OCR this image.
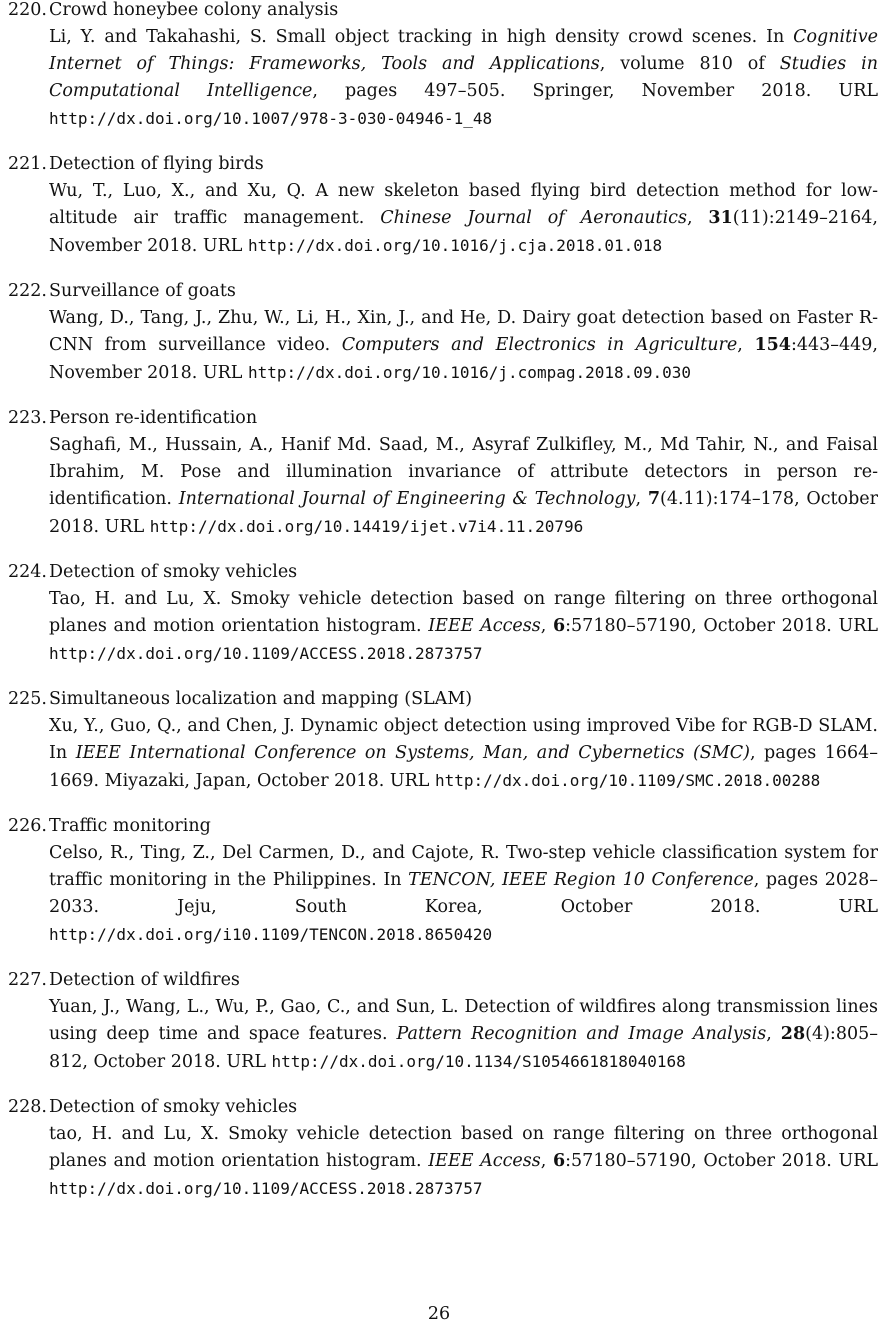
220. Crowd honeybee colony analysis
Li, Y. and Takahashi, S. Small object tracking in high density crowd scenes. In Cognitive Internet of Things: Frameworks, Tools and Applications, volume 810 of Studies in Computational Intelligence, pages 497–505. Springer, November 2018. URL http://dx.doi.org/10.1007/978-3-030-04946-1_48
221. Detection of flying birds
Wu, T., Luo, X., and Xu, Q. A new skeleton based flying bird detection method for low-altitude air traffic management. Chinese Journal of Aeronautics, 31(11):2149–2164, November 2018. URL http://dx.doi.org/10.1016/j.cja.2018.01.018
222. Surveillance of goats
Wang, D., Tang, J., Zhu, W., Li, H., Xin, J., and He, D. Dairy goat detection based on Faster R-CNN from surveillance video. Computers and Electronics in Agriculture, 154:443–449, November 2018. URL http://dx.doi.org/10.1016/j.compag.2018.09.030
223. Person re-identification
Saghafi, M., Hussain, A., Hanif Md. Saad, M., Asyraf Zulkifley, M., Md Tahir, N., and Faisal Ibrahim, M. Pose and illumination invariance of attribute detectors in person re-identification. International Journal of Engineering & Technology, 7(4.11):174–178, October 2018. URL http://dx.doi.org/10.14419/ijet.v7i4.11.20796
224. Detection of smoky vehicles
Tao, H. and Lu, X. Smoky vehicle detection based on range filtering on three orthogonal planes and motion orientation histogram. IEEE Access, 6:57180–57190, October 2018. URL http://dx.doi.org/10.1109/ACCESS.2018.2873757
225. Simultaneous localization and mapping (SLAM)
Xu, Y., Guo, Q., and Chen, J. Dynamic object detection using improved Vibe for RGB-D SLAM. In IEEE International Conference on Systems, Man, and Cybernetics (SMC), pages 1664–1669. Miyazaki, Japan, October 2018. URL http://dx.doi.org/10.1109/SMC.2018.00288
226. Traffic monitoring
Celso, R., Ting, Z., Del Carmen, D., and Cajote, R. Two-step vehicle classification system for traffic monitoring in the Philippines. In TENCON, IEEE Region 10 Conference, pages 2028–2033. Jeju, South Korea, October 2018. URL http://dx.doi.org/i10.1109/TENCON.2018.8650420
227. Detection of wildfires
Yuan, J., Wang, L., Wu, P., Gao, C., and Sun, L. Detection of wildfires along transmission lines using deep time and space features. Pattern Recognition and Image Analysis, 28(4):805–812, October 2018. URL http://dx.doi.org/10.1134/S1054661818040168
228. Detection of smoky vehicles
tao, H. and Lu, X. Smoky vehicle detection based on range filtering on three orthogonal planes and motion orientation histogram. IEEE Access, 6:57180–57190, October 2018. URL http://dx.doi.org/10.1109/ACCESS.2018.2873757
26
